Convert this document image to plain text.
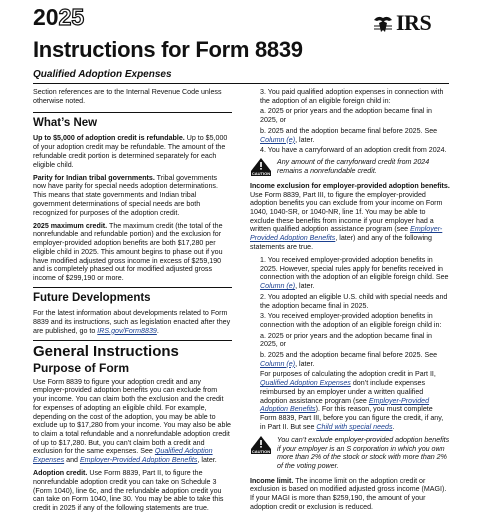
2025	IRS
Instructions for Form 8839
Qualified Adoption Expenses

Section references are to the Internal Revenue Code unless otherwise noted.

What’s New

Up to $5,000 of adoption credit is refundable. Up to $5,000 of your adoption credit may be refundable. The amount of the refundable credit portion is determined separately for each eligible child.

Parity for Indian tribal governments. Tribal governments now have parity for special needs adoption determinations. This means that state governments and Indian tribal government determinations of special needs are both recognized for purposes of the adoption credit.

2025 maximum credit. The maximum credit (the total of the nonrefundable and refundable portion) and the exclusion for employer-provided adoption benefits are both $17,280 per eligible child in 2025. This amount begins to phase out if you have modified adjusted gross income in excess of $259,190 and is completely phased out for modified adjusted gross income of $299,190 or more.

Future Developments

For the latest information about developments related to Form 8839 and its instructions, such as legislation enacted after they are published, go to IRS.gov/Form8839.

General Instructions
Purpose of Form

Use Form 8839 to figure your adoption credit and any employer-provided adoption benefits you can exclude from your income. You can claim both the exclusion and the credit for expenses of adopting an eligible child. For example, depending on the cost of the adoption, you may be able to exclude up to $17,280 from your income. You may also be able to claim a total refundable and a nonrefundable adoption credit of up to $17,280. But, you can’t claim both a credit and exclusion for the same expenses. See Qualified Adoption Expenses and Employer-Provided Adoption Benefits, later.

Adoption credit. Use Form 8839, Part II, to figure the nonrefundable adoption credit you can take on Schedule 3 (Form 1040), line 6c, and the refundable adoption credit you can take on Form 1040, line 30. You may be able to take this credit in 2025 if any of the following statements are true.

3. You paid qualified adoption expenses in connection with the adoption of an eligible foreign child in:

a. 2025 or prior years and the adoption became final in 2025, or

b. 2025 and the adoption became final before 2025. See Column (e), later.

4. You have a carryforward of an adoption credit from 2024.

CAUTION
Any amount of the carryforward credit from 2024 remains a nonrefundable credit.

Income exclusion for employer-provided adoption benefits. Use Form 8839, Part III, to figure the employer-provided adoption benefits you can exclude from your income on Form 1040, 1040-SR, or 1040-NR, line 1f. You may be able to exclude these benefits from income if your employer had a written qualified adoption assistance program (see Employer-Provided Adoption Benefits, later) and any of the following statements are true.

1. You received employer-provided adoption benefits in 2025. However, special rules apply for benefits received in connection with the adoption of an eligible foreign child. See Column (e), later.

2. You adopted an eligible U.S. child with special needs and the adoption became final in 2025.

3. You received employer-provided adoption benefits in connection with the adoption of an eligible foreign child in:

a. 2025 or prior years and the adoption became final in 2025, or

b. 2025 and the adoption became final before 2025. See Column (e), later.

For purposes of calculating the adoption credit in Part II, Qualified Adoption Expenses don’t include expenses reimbursed by an employer under a written qualified adoption assistance program (see Employer-Provided Adoption Benefits). For this reason, you must complete Form 8839, Part III, before you can figure the credit, if any, in Part II. But see Child with special needs.

CAUTION
You can’t exclude employer-provided adoption benefits if your employer is an S corporation in which you own more than 2% of the stock or stock with more than 2% of the voting power.

Income limit. The income limit on the adoption credit or exclusion is based on modified adjusted gross income (MAGI). If your MAGI is more than $259,190, the amount of your adoption credit or exclusion is reduced.
